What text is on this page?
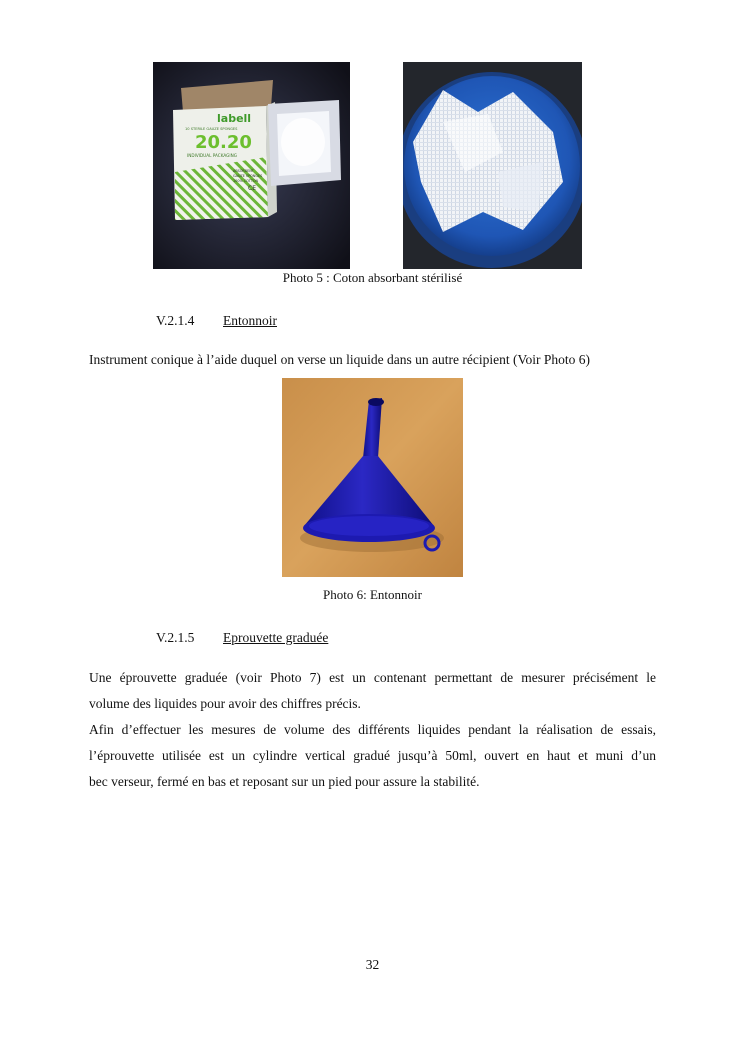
labell
10 STERILE GAUZE SPONGES
20.20
INDIVIDUAL PACKAGING
ABSORBENT
GAUZE SPONGES
100% COTTON
CE
Photo 5 : Coton absorbant stérilisé
V.2.1.4 Entonnoir
Instrument conique à l’aide duquel on verse un liquide dans un autre récipient (Voir Photo 6)
Photo 6: Entonnoir
V.2.1.5 Eprouvette graduée
Une éprouvette graduée (voir Photo 7) est un contenant permettant de mesurer précisément le
volume des liquides pour avoir des chiffres précis.
Afin d’effectuer les mesures de volume des différents liquides pendant la réalisation de essais,
l’éprouvette utilisée est un cylindre vertical gradué jusqu’à 50ml, ouvert en haut et muni d’un
bec verseur, fermé en bas et reposant sur un pied pour assure la stabilité.
32
